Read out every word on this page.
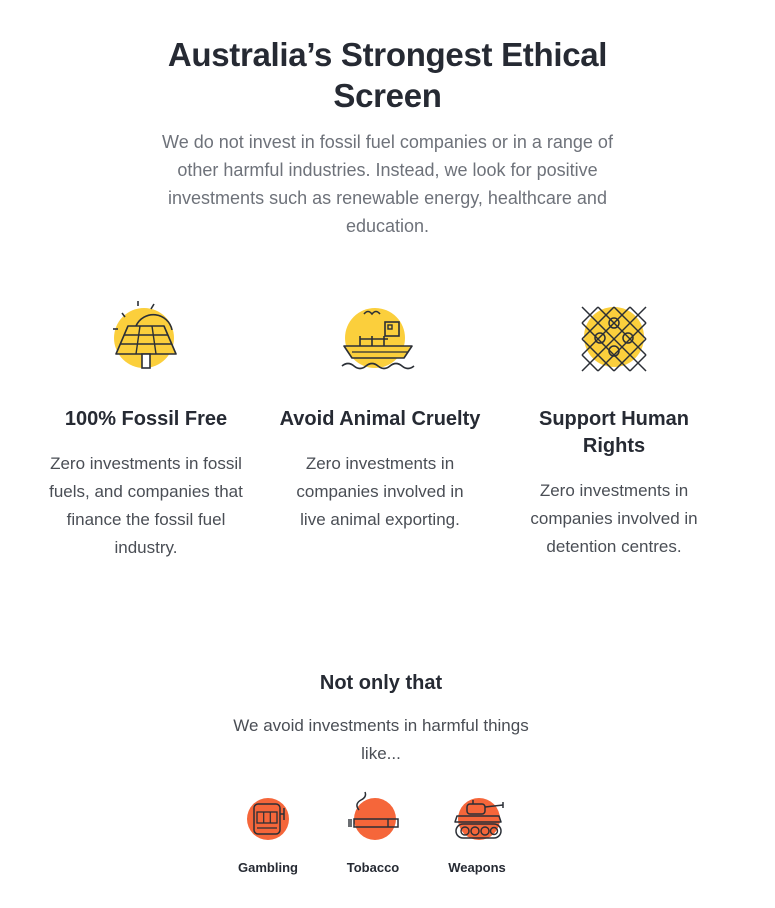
Australia’s Strongest Ethical
Screen

We do not invest in fossil fuel companies or in a range of other harmful industries. Instead, we look for positive investments such as renewable energy, healthcare and education.

100% Fossil Free

Zero investments in fossil fuels, and companies that finance the fossil fuel industry.

Avoid Animal Cruelty

Zero investments in companies involved in live animal exporting.

Support Human Rights

Zero investments in companies involved in detention centres.

Not only that

We avoid investments in harmful things like...

Gambling	Tobacco	Weapons
